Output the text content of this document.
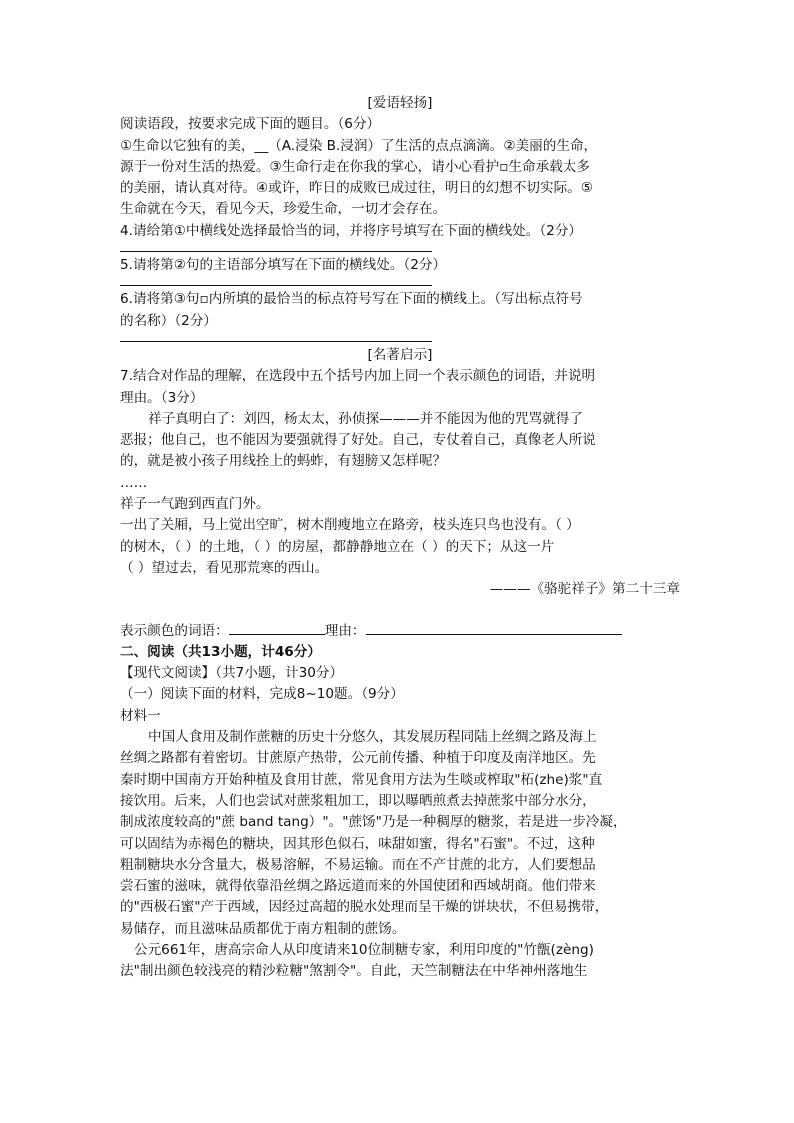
[爱语轻扬]
阅读语段，按要求完成下面的题目。（6分）
①生命以它独有的美，__（A.浸染 B.浸润）了生活的点点滴滴。②美丽的生命，
源于一份对生活的热爱。③生命行走在你我的掌心，请小心看护▫生命承载太多
的美丽，请认真对待。④或许，昨日的成败已成过往，明日的幻想不切实际。⑤
生命就在今天，看见今天，珍爱生命，一切才会存在。
4.请给第①中横线处选择最恰当的词，并将序号填写在下面的横线处。（2分）
5.请将第②句的主语部分填写在下面的横线处。（2分）
6.请将第③句▫内所填的最恰当的标点符号写在下面的横线上。（写出标点符号
的名称）（2分）
[名著启示]
7.结合对作品的理解，在选段中五个括号内加上同一个表示颜色的词语，并说明
理由。（3分）
祥子真明白了：刘四，杨太太，孙侦探———并不能因为他的咒骂就得了
恶报；他自己，也不能因为要强就得了好处。自己，专仗着自己，真像老人所说
的，就是被小孩子用线拴上的蚂蚱，有翅膀又怎样呢？
……
祥子一气跑到西直门外。
一出了关厢，马上觉出空旷，树木削瘦地立在路旁，枝头连只鸟也没有。（ ）
的树木，（ ）的土地，（ ）的房屋，都静静地立在（ ）的天下；从这一片
（ ）望过去，看见那荒寒的西山。
———《骆驼祥子》第二十三章
表示颜色的词语：	理由：
二、阅读（共13小题，计46分）
【现代文阅读】（共7小题，计30分）
（一）阅读下面的材料，完成8~10题。（9分）
材料一
中国人食用及制作蔗糖的历史十分悠久，其发展历程同陆上丝绸之路及海上
丝绸之路都有着密切。甘蔗原产热带，公元前传播、种植于印度及南洋地区。先
秦时期中国南方开始种植及食用甘蔗，常见食用方法为生啖或榨取"柘(zhe)浆"直
接饮用。后来，人们也尝试对蔗浆粗加工，即以曝晒煎煮去掉蔗浆中部分水分，
制成浓度较高的"蔗 band tang）"。"蔗饧"乃是一种稠厚的糖浆，若是进一步冷凝，
可以固结为赤褐色的糖块，因其形色似石，味甜如蜜，得名"石蜜"。不过，这种
粗制糖块水分含量大，极易溶解，不易运输。而在不产甘蔗的北方，人们要想品
尝石蜜的滋味，就得依靠沿丝绸之路远道而来的外国使团和西域胡商。他们带来
的"西极石蜜"产于西域，因经过高超的脱水处理而呈干燥的饼块状，不但易携带，
易储存，而且滋味品质都优于南方粗制的蔗饧。
公元661年，唐高宗命人从印度请来10位制糖专家，利用印度的"竹甑(zèng)
法"制出颜色较浅亮的精沙粒糖"煞割令"。自此，天竺制糖法在中华神州落地生
